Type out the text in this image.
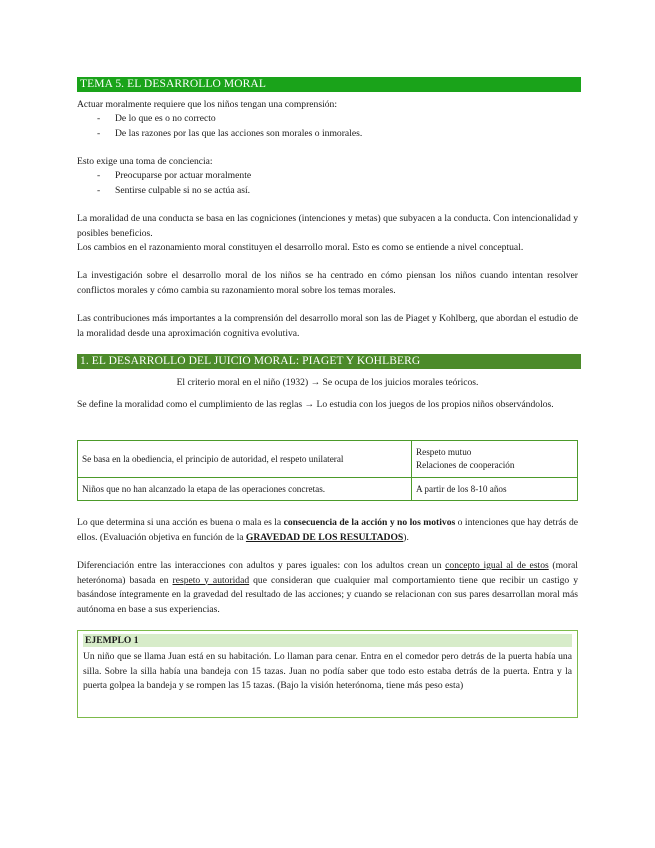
TEMA 5. EL DESARROLLO MORAL

Actuar moralmente requiere que los niños tengan una comprensión:

- De lo que es o no correcto
- De las razones por las que las acciones son morales o inmorales.

Esto exige una toma de conciencia:

- Preocuparse por actuar moralmente
- Sentirse culpable si no se actúa así.

La moralidad de una conducta se basa en las cogniciones (intenciones y metas) que subyacen a la conducta. Con intencionalidad y posibles beneficios.

Los cambios en el razonamiento moral constituyen el desarrollo moral. Esto es como se entiende a nivel conceptual.

La investigación sobre el desarrollo moral de los niños se ha centrado en cómo piensan los niños cuando intentan resolver conflictos morales y cómo cambia su razonamiento moral sobre los temas morales.

Las contribuciones más importantes a la comprensión del desarrollo moral son las de Piaget y Kohlberg, que abordan el estudio de la moralidad desde una aproximación cognitiva evolutiva.

1. EL DESARROLLO DEL JUICIO MORAL: PIAGET Y KOHLBERG

El criterio moral en el niño (1932) → Se ocupa de los juicios morales teóricos.

Se define la moralidad como el cumplimiento de las reglas → Lo estudia con los juegos de los propios niños observándolos.

Se basa en la obediencia, el principio de autoridad, el respeto unilateral	Respeto mutuo
Relaciones de cooperación

Niños que no han alcanzado la etapa de las operaciones concretas.	A partir de los 8-10 años

Lo que determina si una acción es buena o mala es la consecuencia de la acción y no los motivos o intenciones que hay detrás de ellos. (Evaluación objetiva en función de la GRAVEDAD DE LOS RESULTADOS).

Diferenciación entre las interacciones con adultos y pares iguales: con los adultos crean un concepto igual al de estos (moral heterónoma) basada en respeto y autoridad que consideran que cualquier mal comportamiento tiene que recibir un castigo y basándose íntegramente en la gravedad del resultado de las acciones; y cuando se relacionan con sus pares desarrollan moral más autónoma en base a sus experiencias.

EJEMPLO 1

Un niño que se llama Juan está en su habitación. Lo llaman para cenar. Entra en el comedor pero detrás de la puerta había una silla. Sobre la silla había una bandeja con 15 tazas. Juan no podía saber que todo esto estaba detrás de la puerta. Entra y la puerta golpea la bandeja y se rompen las 15 tazas. (Bajo la visión heterónoma, tiene más peso esta)
